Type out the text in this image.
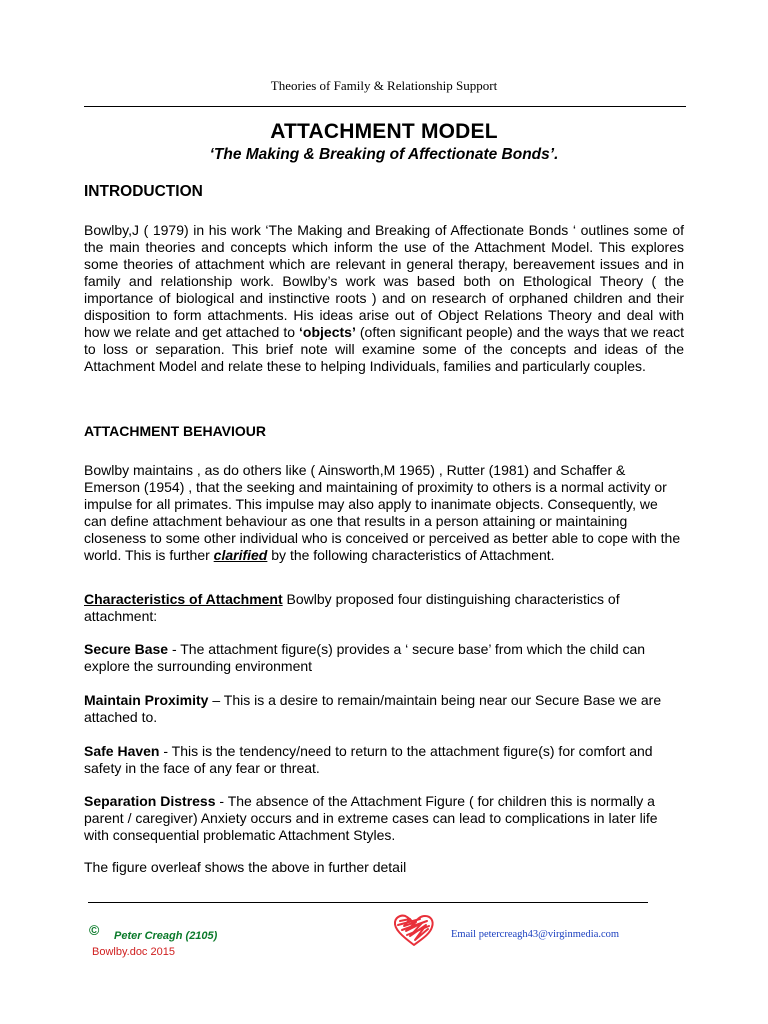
Theories of Family & Relationship Support
ATTACHMENT MODEL
‘The Making & Breaking of Affectionate Bonds’.
INTRODUCTION
Bowlby,J ( 1979) in his work ‘The Making and Breaking of Affectionate Bonds ‘ outlines some of the main theories and concepts which inform the use of the Attachment Model. This explores some theories of attachment which are relevant in general therapy, bereavement issues and in family and relationship work. Bowlby’s work was based both on Ethological Theory ( the importance of biological and instinctive roots ) and on research of orphaned children and their disposition to form attachments. His ideas arise out of Object Relations Theory and deal with how we relate and get attached to ‘objects’ (often significant people) and the ways that we react to loss or separation. This brief note will examine some of the concepts and ideas of the Attachment Model and relate these to helping Individuals, families and particularly couples.
ATTACHMENT BEHAVIOUR
Bowlby maintains , as do others like ( Ainsworth,M 1965) , Rutter (1981) and Schaffer & Emerson (1954) , that the seeking and maintaining of proximity to others is a normal activity or impulse for all primates. This impulse may also apply to inanimate objects. Consequently, we can define attachment behaviour as one that results in a person attaining or maintaining closeness to some other individual who is conceived or perceived as better able to cope with the world. This is further clarified by the following characteristics of Attachment.
Characteristics of Attachment Bowlby proposed four distinguishing characteristics of attachment:
Secure Base - The attachment figure(s) provides a ‘ secure base’ from which the child can explore the surrounding environment
Maintain Proximity – This is a desire to remain/maintain being near our Secure Base we are attached to.
Safe Haven - This is the tendency/need to return to the attachment figure(s) for comfort and safety in the face of any fear or threat.
Separation Distress - The absence of the Attachment Figure ( for children this is normally a parent / caregiver) Anxiety occurs and in extreme cases can lead to complications in later life with consequential problematic Attachment Styles.
The figure overleaf shows the above in further detail
© Peter Creagh (2105)
Bowlby.doc 2015
Email petercreagh43@virginmedia.com
